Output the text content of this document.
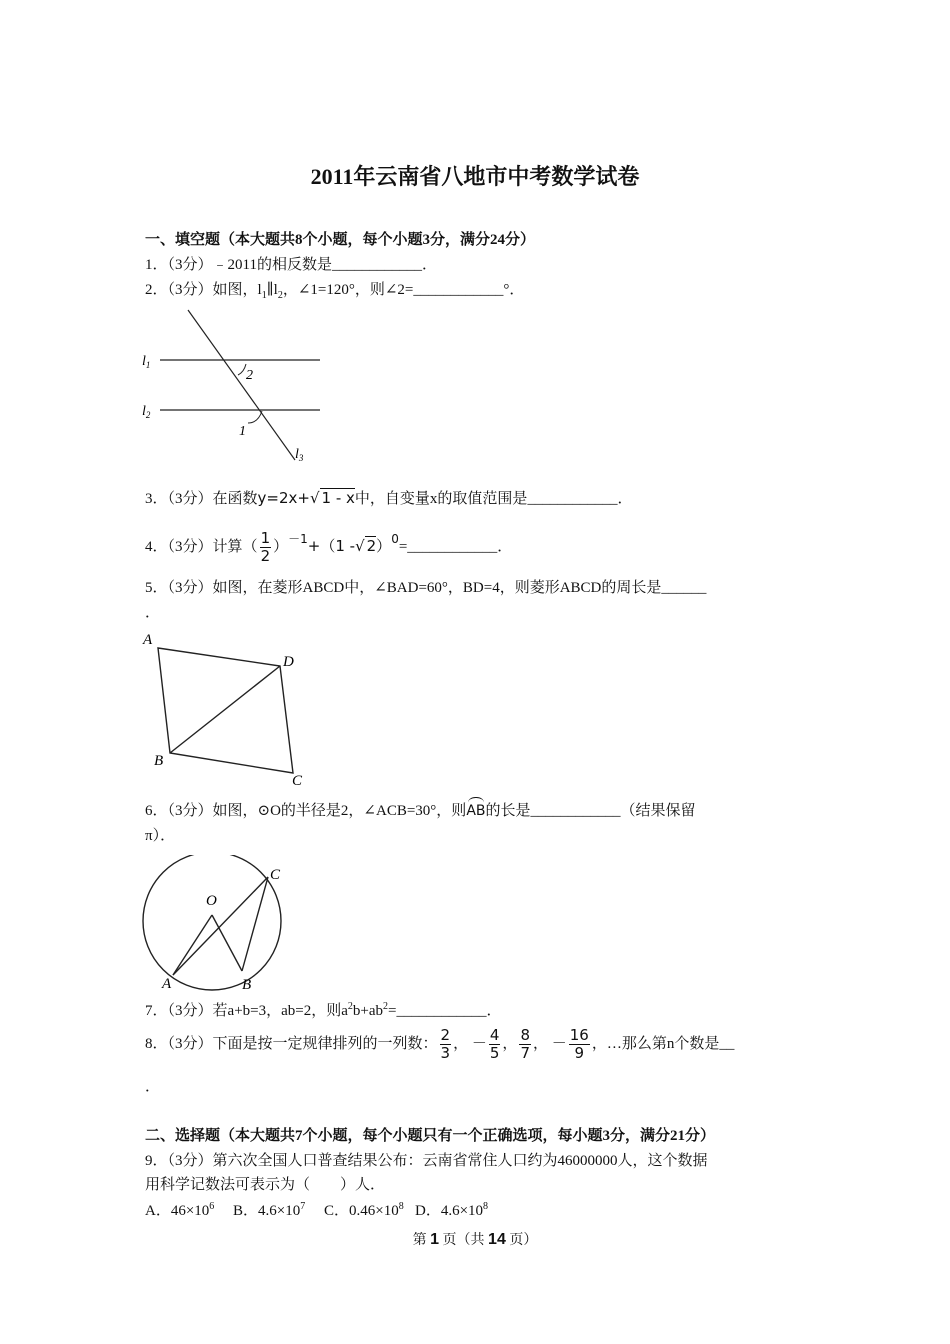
2011年云南省八地市中考数学试卷
一、填空题（本大题共8个小题，每个小题3分，满分24分）
1．（3分）﹣2011的相反数是____________．
2．（3分）如图，$l_1\parallel l_2$，∠1=120°，则∠2=____________°．
$l_1$
$l_2$
$l_3$
2
1
3．（3分）在函数y=2x+√ 1 - x中，自变量x的取值范围是____________．
4．（3分）计算（ $\frac{1}{2} )^{-1}+(1$ -√ 2）$^0$=____________．
5．（3分）如图，在菱形ABCD中，∠BAD=60°，BD=4，则菱形ABCD的周长是______
．
A
D
B
C
6．（3分）如图，⊙O的半径是2，∠ACB=30°，则AB的长是____________（结果保留
π）．
O
A	B
C
7．（3分）若a+b=3，ab=2，则$a^2b+ab^2=\_\_\_\_\_\_\_\_\_\_\_\_$．
8．（3分）下面是按一定规律排列的一列数： $\frac{2}{3}$ ， － $\frac{4}{5}$ ， $\frac{8}{7}$ ， － $\frac{16}{9}$ ，…那么第n个数是__
．
二、选择题（本大题共7个小题，每个小题只有一个正确选项，每小题3分，满分21分）
9．（3分）第六次全国人口普查结果公布：云南省常住人口约为46000000人，这个数据
用科学记数法可表示为（　　）人．
A．$46\times 10^6$ B．$4.6\times 10^7$ C．$0.46\times 10^8$ D．$4.6\times 10^8$
第 1 页（共 14 页）
